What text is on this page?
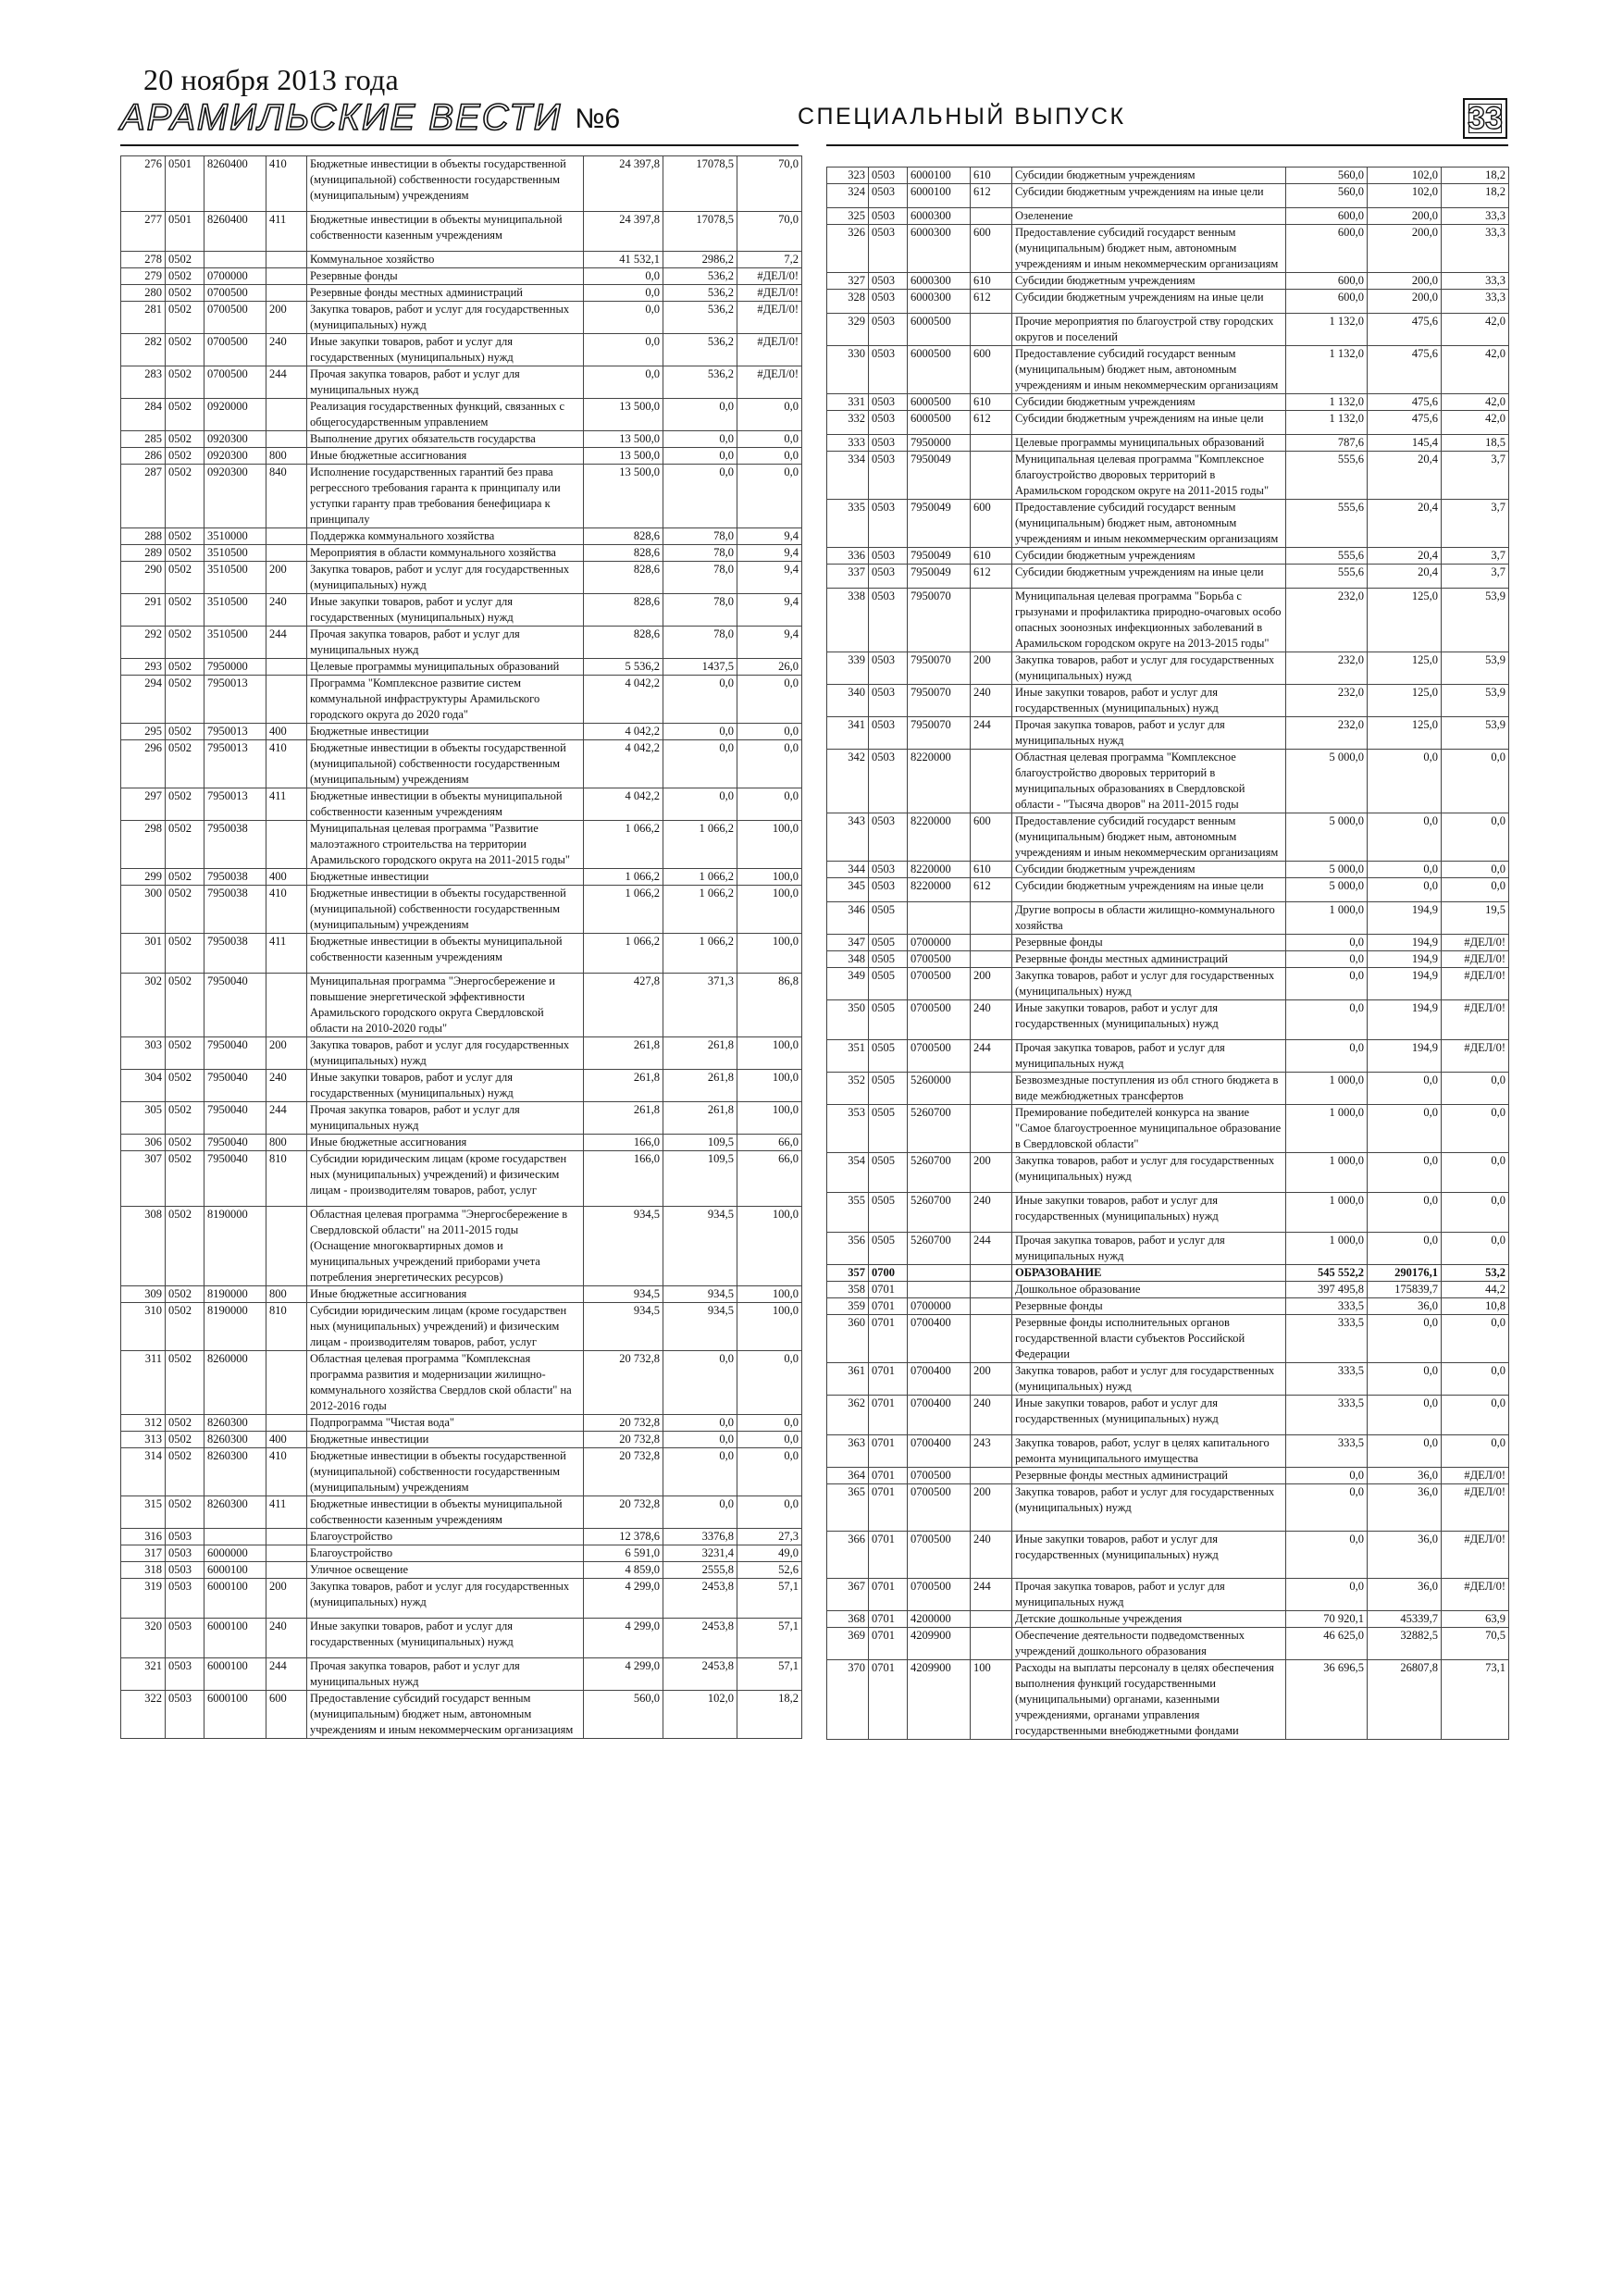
20 ноября 2013 года
АРАМИЛЬСКИЕ ВЕСТИ №6	СПЕЦИАЛЬНЫЙ ВЫПУСК	33
276	0501	8260400	410	Бюджетные инвестиции в объекты государственной (муниципальной) собственности государственным (муниципальным) учреждениям	24 397,8	17078,5	70,0
277	0501	8260400	411	Бюджетные инвестиции в объекты муниципальной собственности казенным учреждениям	24 397,8	17078,5	70,0
278	0502			Коммунальное хозяйство	41 532,1	2986,2	7,2
279	0502	0700000		Резервные фонды	0,0	536,2	#ДЕЛ/0!
280	0502	0700500		Резервные фонды местных администраций	0,0	536,2	#ДЕЛ/0!
281	0502	0700500	200	Закупка товаров, работ и услуг для государственных (муниципальных) нужд	0,0	536,2	#ДЕЛ/0!
282	0502	0700500	240	Иные закупки товаров, работ и услуг для государственных (муниципальных) нужд	0,0	536,2	#ДЕЛ/0!
283	0502	0700500	244	Прочая закупка товаров, работ и услуг для муниципальных нужд	0,0	536,2	#ДЕЛ/0!
284	0502	0920000		Реализация государственных функций, связанных с общегосударственным управлением	13 500,0	0,0	0,0
285	0502	0920300		Выполнение других обязательств государства	13 500,0	0,0	0,0
286	0502	0920300	800	Иные бюджетные ассигнования	13 500,0	0,0	0,0
287	0502	0920300	840	Исполнение государственных гарантий без права регрессного требования гаранта к принципалу или уступки гаранту прав требования бенефициара к принципалу	13 500,0	0,0	0,0
288	0502	3510000		Поддержка коммунального хозяйства	828,6	78,0	9,4
289	0502	3510500		Мероприятия в области коммунального хозяйства	828,6	78,0	9,4
290	0502	3510500	200	Закупка товаров, работ и услуг для государственных (муниципальных) нужд	828,6	78,0	9,4
291	0502	3510500	240	Иные закупки товаров, работ и услуг для государственных (муниципальных) нужд	828,6	78,0	9,4
292	0502	3510500	244	Прочая закупка товаров, работ и услуг для муниципальных нужд	828,6	78,0	9,4
293	0502	7950000		Целевые программы муниципальных образований	5 536,2	1437,5	26,0
294	0502	7950013		Программа "Комплексное развитие систем коммунальной инфраструктуры Арамильского городского округа до 2020 года"	4 042,2	0,0	0,0
295	0502	7950013	400	Бюджетные инвестиции	4 042,2	0,0	0,0
296	0502	7950013	410	Бюджетные инвестиции в объекты государственной (муниципальной) собственности государственным (муниципальным) учреждениям	4 042,2	0,0	0,0
297	0502	7950013	411	Бюджетные инвестиции в объекты муниципальной собственности казенным учреждениям	4 042,2	0,0	0,0
298	0502	7950038		Муниципальная целевая программа "Развитие малоэтажного строительства на территории Арамильского городского округа на 2011-2015 годы"	1 066,2	1 066,2	100,0
299	0502	7950038	400	Бюджетные инвестиции	1 066,2	1 066,2	100,0
300	0502	7950038	410	Бюджетные инвестиции в объекты государственной (муниципальной) собственности государственным (муниципальным) учреждениям	1 066,2	1 066,2	100,0
301	0502	7950038	411	Бюджетные инвестиции в объекты муниципальной собственности казенным учреждениям	1 066,2	1 066,2	100,0
302	0502	7950040		Муниципальная программа "Энергосбережение и повышение энергетической эффективности Арамильского городского округа Свердловской области на 2010-2020 годы"	427,8	371,3	86,8
303	0502	7950040	200	Закупка товаров, работ и услуг для государственных (муниципальных) нужд	261,8	261,8	100,0
304	0502	7950040	240	Иные закупки товаров, работ и услуг для государственных (муниципальных) нужд	261,8	261,8	100,0
305	0502	7950040	244	Прочая закупка товаров, работ и услуг для муниципальных нужд	261,8	261,8	100,0
306	0502	7950040	800	Иные бюджетные ассигнования	166,0	109,5	66,0
307	0502	7950040	810	Субсидии юридическим лицам (кроме государствен ных (муниципальных) учреждений) и физическим лицам - производителям товаров, работ, услуг	166,0	109,5	66,0
308	0502	8190000		Областная целевая программа "Энергосбережение в Свердловской области" на 2011-2015 годы (Оснащение многоквартирных домов и муниципальных учреждений приборами учета потребления энергетических ресурсов)	934,5	934,5	100,0
309	0502	8190000	800	Иные бюджетные ассигнования	934,5	934,5	100,0
310	0502	8190000	810	Субсидии юридическим лицам (кроме государствен ных (муниципальных) учреждений) и физическим лицам - производителям товаров, работ, услуг	934,5	934,5	100,0
311	0502	8260000		Областная целевая программа "Комплексная программа развития и модернизации жилищно-коммунального хозяйства Свердлов ской области" на 2012-2016 годы	20 732,8	0,0	0,0
312	0502	8260300		Подпрограмма "Чистая вода"	20 732,8	0,0	0,0
313	0502	8260300	400	Бюджетные инвестиции	20 732,8	0,0	0,0
314	0502	8260300	410	Бюджетные инвестиции в объекты государственной (муниципальной) собственности государственным (муниципальным) учреждениям	20 732,8	0,0	0,0
315	0502	8260300	411	Бюджетные инвестиции в объекты муниципальной собственности казенным учреждениям	20 732,8	0,0	0,0
316	0503			Благоустройство	12 378,6	3376,8	27,3
317	0503	6000000		Благоустройство	6 591,0	3231,4	49,0
318	0503	6000100		Уличное освещение	4 859,0	2555,8	52,6
319	0503	6000100	200	Закупка товаров, работ и услуг для государственных (муниципальных) нужд	4 299,0	2453,8	57,1
320	0503	6000100	240	Иные закупки товаров, работ и услуг для государственных (муниципальных) нужд	4 299,0	2453,8	57,1
321	0503	6000100	244	Прочая закупка товаров, работ и услуг для муниципальных нужд	4 299,0	2453,8	57,1
322	0503	6000100	600	Предоставление субсидий государст венным (муниципальным) бюджет ным, автономным учреждениям и иным некоммерческим организациям	560,0	102,0	18,2
323	0503	6000100	610	Субсидии бюджетным учреждениям	560,0	102,0	18,2
324	0503	6000100	612	Субсидии бюджетным учреждениям на иные цели	560,0	102,0	18,2
325	0503	6000300		Озеленение	600,0	200,0	33,3
326	0503	6000300	600	Предоставление субсидий государст венным (муниципальным) бюджет ным, автономным учреждениям и иным некоммерческим организациям	600,0	200,0	33,3
327	0503	6000300	610	Субсидии бюджетным учреждениям	600,0	200,0	33,3
328	0503	6000300	612	Субсидии бюджетным учреждениям на иные цели	600,0	200,0	33,3
329	0503	6000500		Прочие мероприятия по благоустрой ству городских округов и поселений	1 132,0	475,6	42,0
330	0503	6000500	600	Предоставление субсидий государст венным (муниципальным) бюджет ным, автономным учреждениям и иным некоммерческим организациям	1 132,0	475,6	42,0
331	0503	6000500	610	Субсидии бюджетным учреждениям	1 132,0	475,6	42,0
332	0503	6000500	612	Субсидии бюджетным учреждениям на иные цели	1 132,0	475,6	42,0
333	0503	7950000		Целевые программы муниципальных образований	787,6	145,4	18,5
334	0503	7950049		Муниципальная целевая программа "Комплексное благоустройство дворовых территорий в Арамильском городском округе на 2011-2015 годы"	555,6	20,4	3,7
335	0503	7950049	600	Предоставление субсидий государст венным (муниципальным) бюджет ным, автономным учреждениям и иным некоммерческим организациям	555,6	20,4	3,7
336	0503	7950049	610	Субсидии бюджетным учреждениям	555,6	20,4	3,7
337	0503	7950049	612	Субсидии бюджетным учреждениям на иные цели	555,6	20,4	3,7
338	0503	7950070		Муниципальная целевая программа "Борьба с грызунами и профилактика природно-очаговых особо опасных зоонозных инфекционных заболеваний в Арамильском городском округе на 2013-2015 годы"	232,0	125,0	53,9
339	0503	7950070	200	Закупка товаров, работ и услуг для государственных (муниципальных) нужд	232,0	125,0	53,9
340	0503	7950070	240	Иные закупки товаров, работ и услуг для государственных (муниципальных) нужд	232,0	125,0	53,9
341	0503	7950070	244	Прочая закупка товаров, работ и услуг для муниципальных нужд	232,0	125,0	53,9
342	0503	8220000		Областная целевая программа "Комплексное благоустройство дворовых территорий в муниципальных образованиях в Свердловской области - "Тысяча дворов" на 2011-2015 годы	5 000,0	0,0	0,0
343	0503	8220000	600	Предоставление субсидий государст венным (муниципальным) бюджет ным, автономным учреждениям и иным некоммерческим организациям	5 000,0	0,0	0,0
344	0503	8220000	610	Субсидии бюджетным учреждениям	5 000,0	0,0	0,0
345	0503	8220000	612	Субсидии бюджетным учреждениям на иные цели	5 000,0	0,0	0,0
346	0505			Другие вопросы в области жилищно-коммунального хозяйства	1 000,0	194,9	19,5
347	0505	0700000		Резервные фонды	0,0	194,9	#ДЕЛ/0!
348	0505	0700500		Резервные фонды местных администраций	0,0	194,9	#ДЕЛ/0!
349	0505	0700500	200	Закупка товаров, работ и услуг для государственных (муниципальных) нужд	0,0	194,9	#ДЕЛ/0!
350	0505	0700500	240	Иные закупки товаров, работ и услуг для государственных (муниципальных) нужд	0,0	194,9	#ДЕЛ/0!
351	0505	0700500	244	Прочая закупка товаров, работ и услуг для муниципальных нужд	0,0	194,9	#ДЕЛ/0!
352	0505	5260000		Безвозмездные поступления из обл стного бюджета в виде межбюджетных трансфертов	1 000,0	0,0	0,0
353	0505	5260700		Премирование победителей конкурса на звание "Самое благоустроенное муниципальное образование в Свердловской области"	1 000,0	0,0	0,0
354	0505	5260700	200	Закупка товаров, работ и услуг для государственных (муниципальных) нужд	1 000,0	0,0	0,0
355	0505	5260700	240	Иные закупки товаров, работ и услуг для государственных (муниципальных) нужд	1 000,0	0,0	0,0
356	0505	5260700	244	Прочая закупка товаров, работ и услуг для муниципальных нужд	1 000,0	0,0	0,0
357	0700			ОБРАЗОВАНИЕ	545 552,2	290176,1	53,2
358	0701			Дошкольное образование	397 495,8	175839,7	44,2
359	0701	0700000		Резервные фонды	333,5	36,0	10,8
360	0701	0700400		Резервные фонды исполнительных органов государственной власти субъектов Российской Федерации	333,5	0,0	0,0
361	0701	0700400	200	Закупка товаров, работ и услуг для государственных (муниципальных) нужд	333,5	0,0	0,0
362	0701	0700400	240	Иные закупки товаров, работ и услуг для государственных (муниципальных) нужд	333,5	0,0	0,0
363	0701	0700400	243	Закупка товаров, работ, услуг в целях капитального ремонта муниципального имущества	333,5	0,0	0,0
364	0701	0700500		Резервные фонды местных администраций	0,0	36,0	#ДЕЛ/0!
365	0701	0700500	200	Закупка товаров, работ и услуг для государственных (муниципальных) нужд	0,0	36,0	#ДЕЛ/0!
366	0701	0700500	240	Иные закупки товаров, работ и услуг для государственных (муниципальных) нужд	0,0	36,0	#ДЕЛ/0!
367	0701	0700500	244	Прочая закупка товаров, работ и услуг для муниципальных нужд	0,0	36,0	#ДЕЛ/0!
368	0701	4200000		Детские дошкольные учреждения	70 920,1	45339,7	63,9
369	0701	4209900		Обеспечение деятельности подведомственных учреждений дошкольного образования	46 625,0	32882,5	70,5
370	0701	4209900	100	Расходы на выплаты персоналу в целях обеспечения выполнения функций государственными (муниципальными) органами, казенными учреждениями, органами управления государственными внебюджетными фондами	36 696,5	26807,8	73,1
